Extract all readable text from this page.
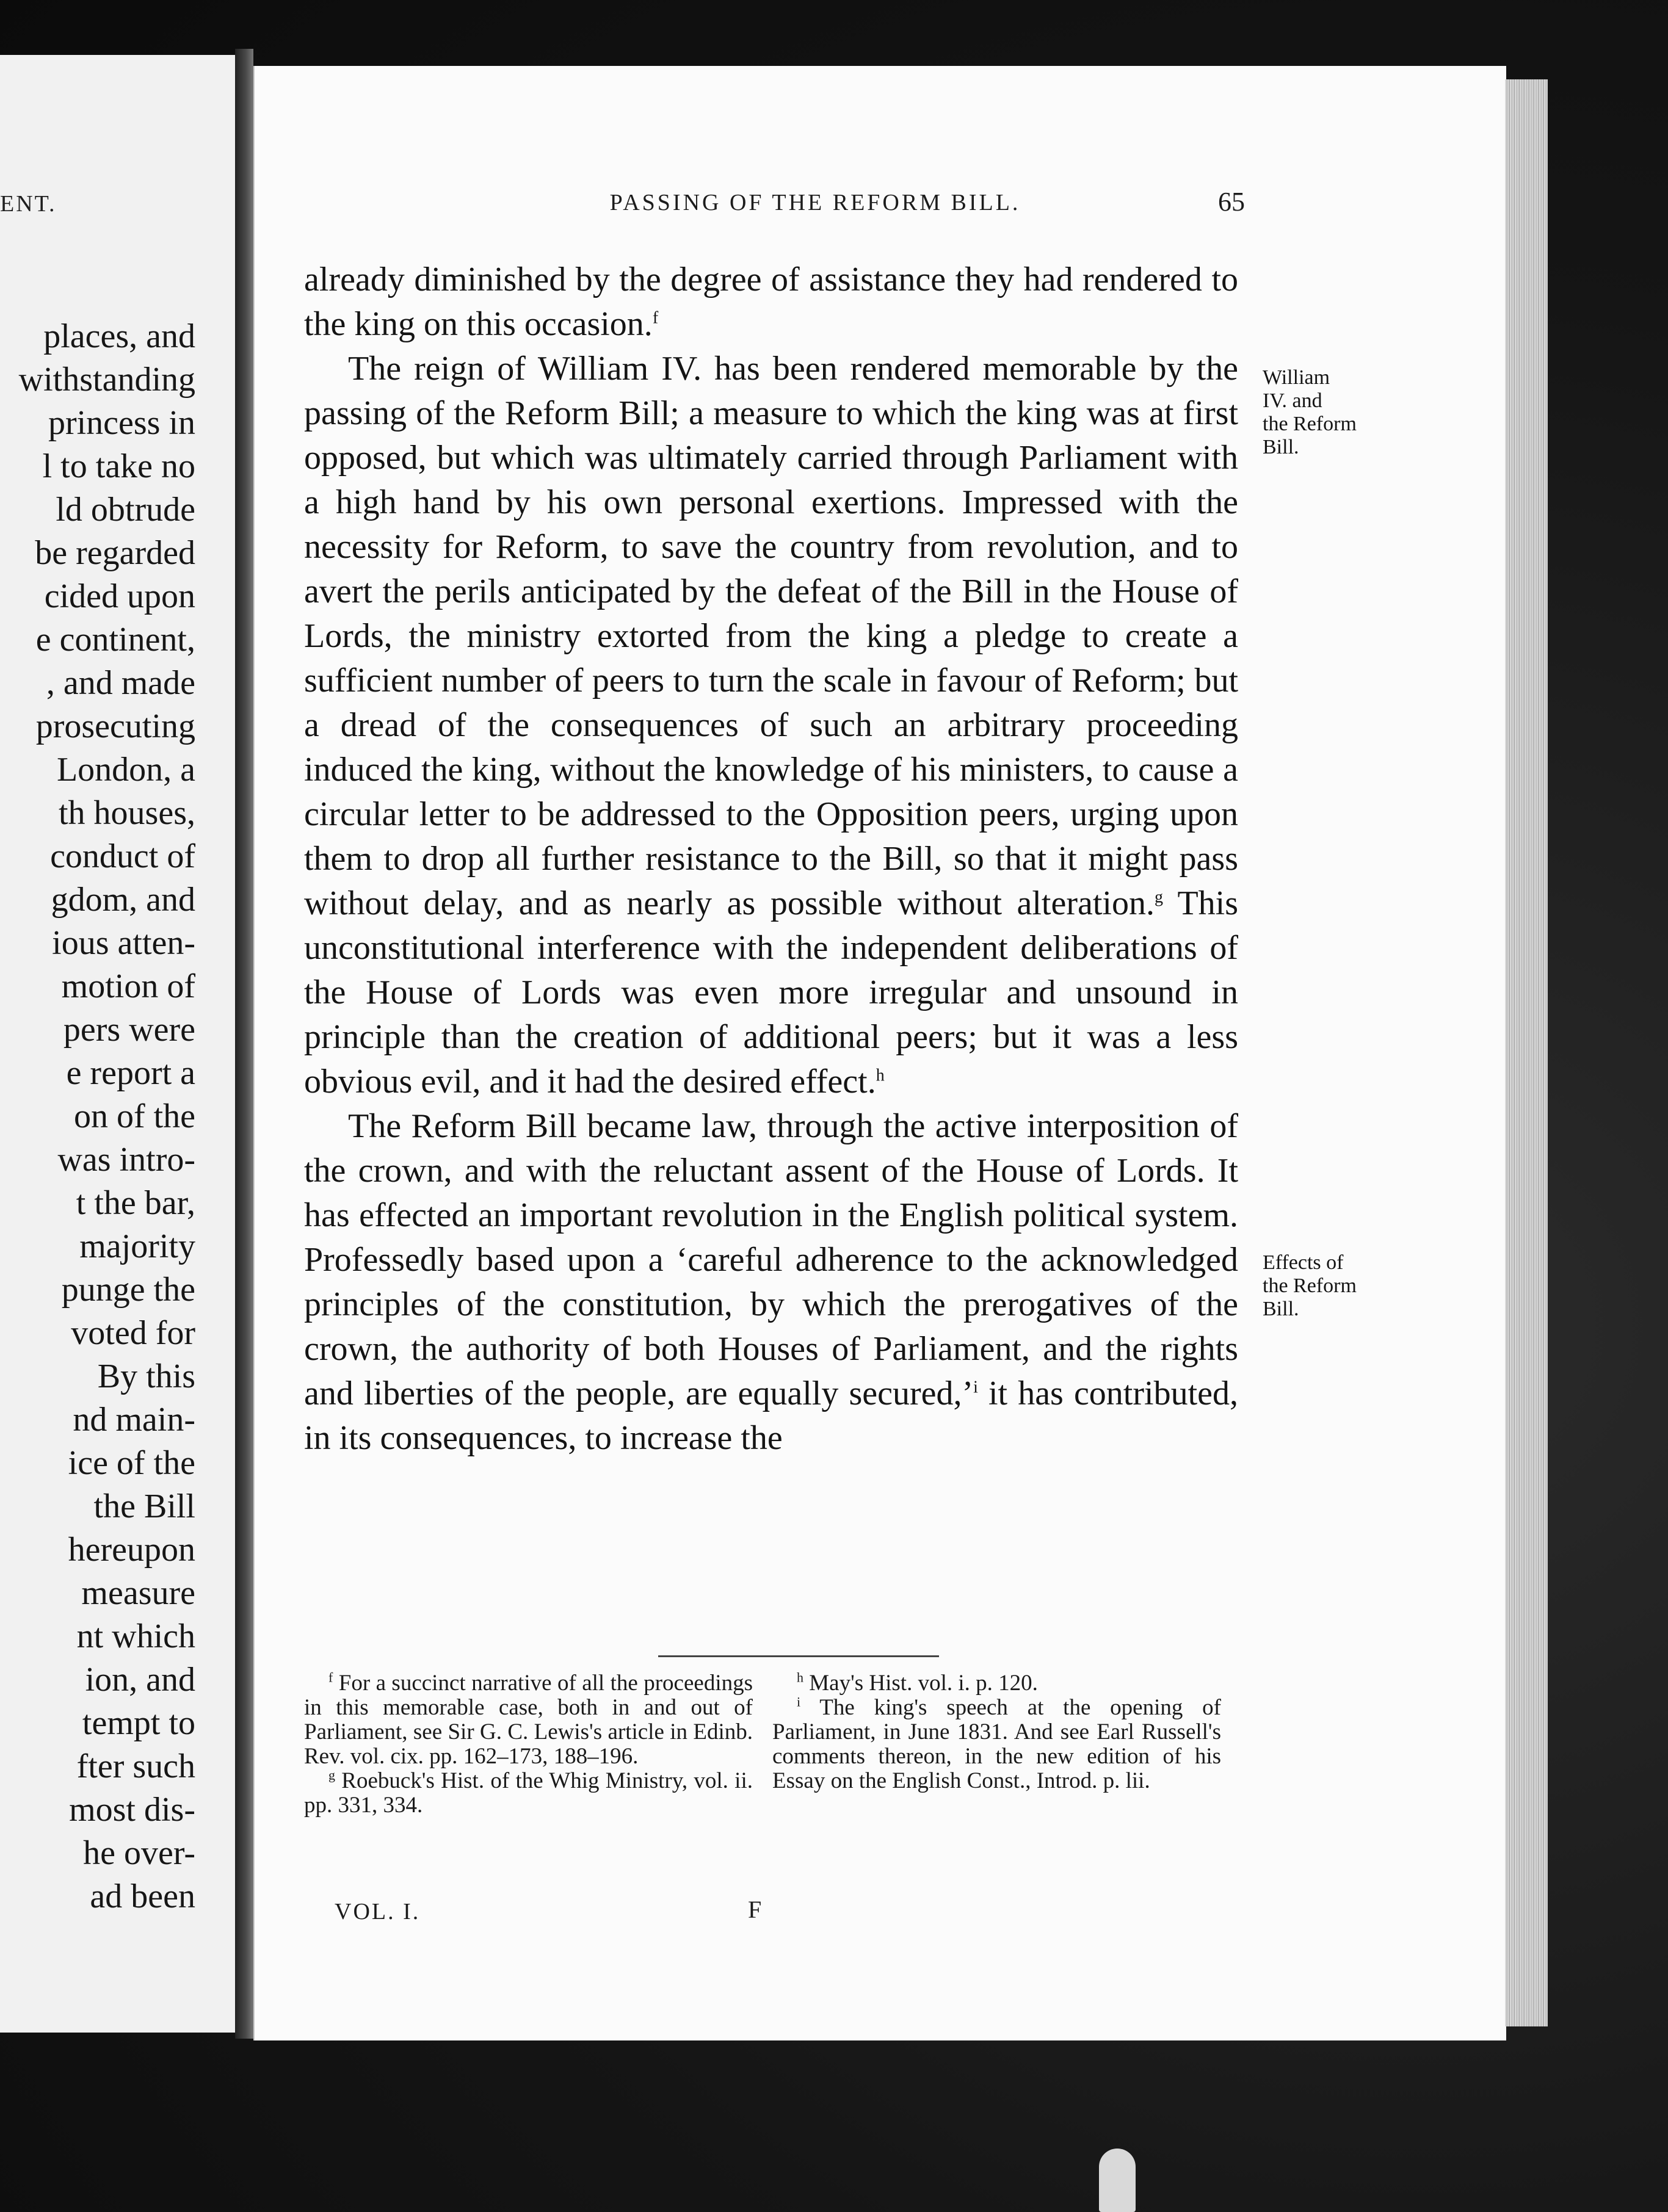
ENT.
places, and
withstanding
princess in
l to take no
ld obtrude
be regarded
cided upon
e continent,
, and made
prosecuting
London, a
th houses,
conduct of
gdom, and
ious atten-
motion of
pers were
e report a
on of the
was intro-
t the bar,
majority
punge the
voted for
By this
nd main-
ice of the
the Bill
hereupon
measure
nt which
ion, and
tempt to
fter such
most dis-
he over-
ad been
PASSING OF THE REFORM BILL.	65

already diminished by the degree of assistance they had rendered to the king on this occasion.$^f$

The reign of William IV. has been rendered memorable by the passing of the Reform Bill; a measure to which the king was at first opposed, but which was ultimately carried through Parliament with a high hand by his own personal exertions. Impressed with the necessity for Reform, to save the country from revolution, and to avert the perils anticipated by the defeat of the Bill in the House of Lords, the ministry extorted from the king a pledge to create a sufficient number of peers to turn the scale in favour of Reform; but a dread of the consequences of such an arbitrary proceeding induced the king, without the knowledge of his ministers, to cause a circular letter to be addressed to the Opposition peers, urging upon them to drop all further resistance to the Bill, so that it might pass without delay, and as nearly as possible without alteration.$^g$ This unconstitutional interference with the independent deliberations of the House of Lords was even more irregular and unsound in principle than the creation of additional peers; but it was a less obvious evil, and it had the desired effect.$^h$

The Reform Bill became law, through the active interposition of the crown, and with the reluctant assent of the House of Lords. It has effected an important revolution in the English political system. Professedly based upon a ‘careful adherence to the acknowledged principles of the constitution, by which the prerogatives of the crown, the authority of both Houses of Parliament, and the rights and liberties of the people, are equally secured,’$^i$ it has contributed, in its consequences, to increase the

William
IV. and
the Reform
Bill.
Effects of
the Reform
Bill.

$^f$ For a succinct narrative of all the proceedings in this memorable case, both in and out of Parliament, see Sir G. C. Lewis's article in Edinb. Rev. vol. cix. pp. 162–173, 188–196.

$^g$ Roebuck's Hist. of the Whig Ministry, vol. ii. pp. 331, 334.

$^h$ May's Hist. vol. i. p. 120.

$^i$ The king's speech at the opening of Parliament, in June 1831. And see Earl Russell's comments thereon, in the new edition of his Essay on the English Const., Introd. p. lii.

VOL. I.	F
